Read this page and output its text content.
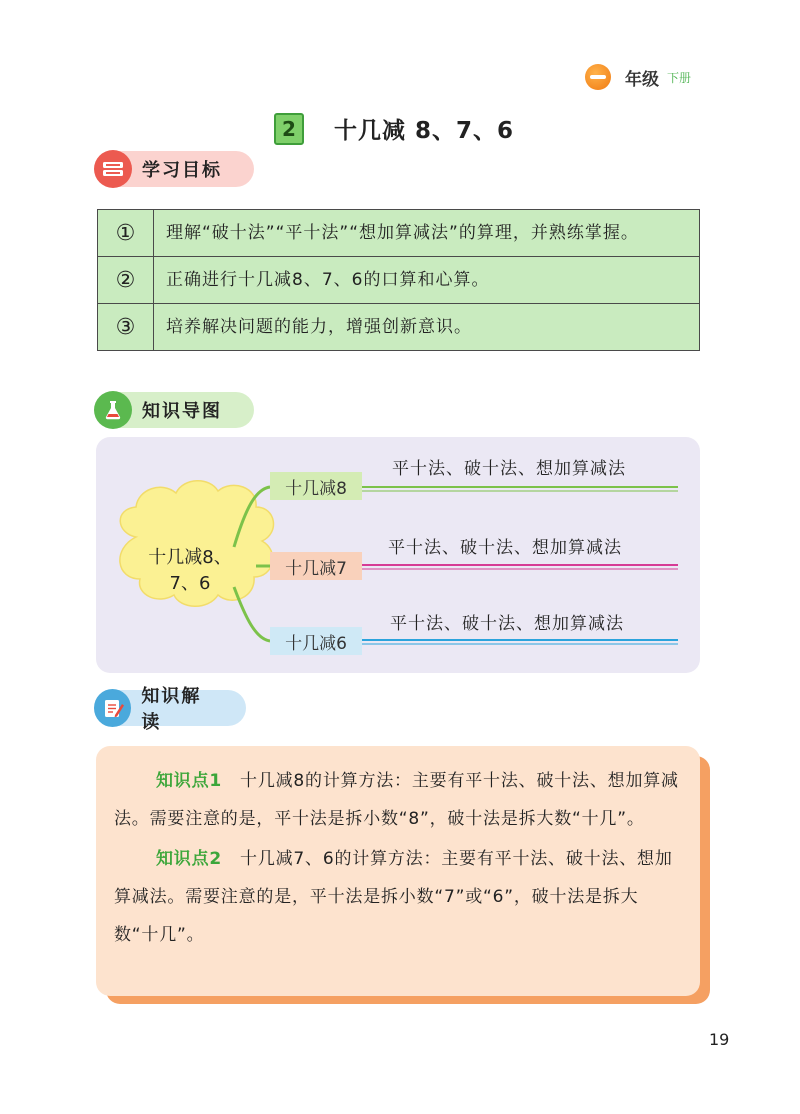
年级 下册
2	十几减 8、7、6
学习目标
①	理解“破十法”“平十法”“想加算减法”的算理，并熟练掌握。
②	正确进行十几减8、7、6的口算和心算。
③	培养解决问题的能力，增强创新意识。
知识导图
十几减8、
7、6
十几减8
十几减7
十几减6
平十法、破十法、想加算减法
平十法、破十法、想加算减法
平十法、破十法、想加算减法
知识解读

知识点1 十几减8的计算方法：主要有平十法、破十法、想加算减法。需要注意的是，平十法是拆小数“8”，破十法是拆大数“十几”。

知识点2 十几减7、6的计算方法：主要有平十法、破十法、想加算减法。需要注意的是，平十法是拆小数“7”或“6”，破十法是拆大数“十几”。

19
